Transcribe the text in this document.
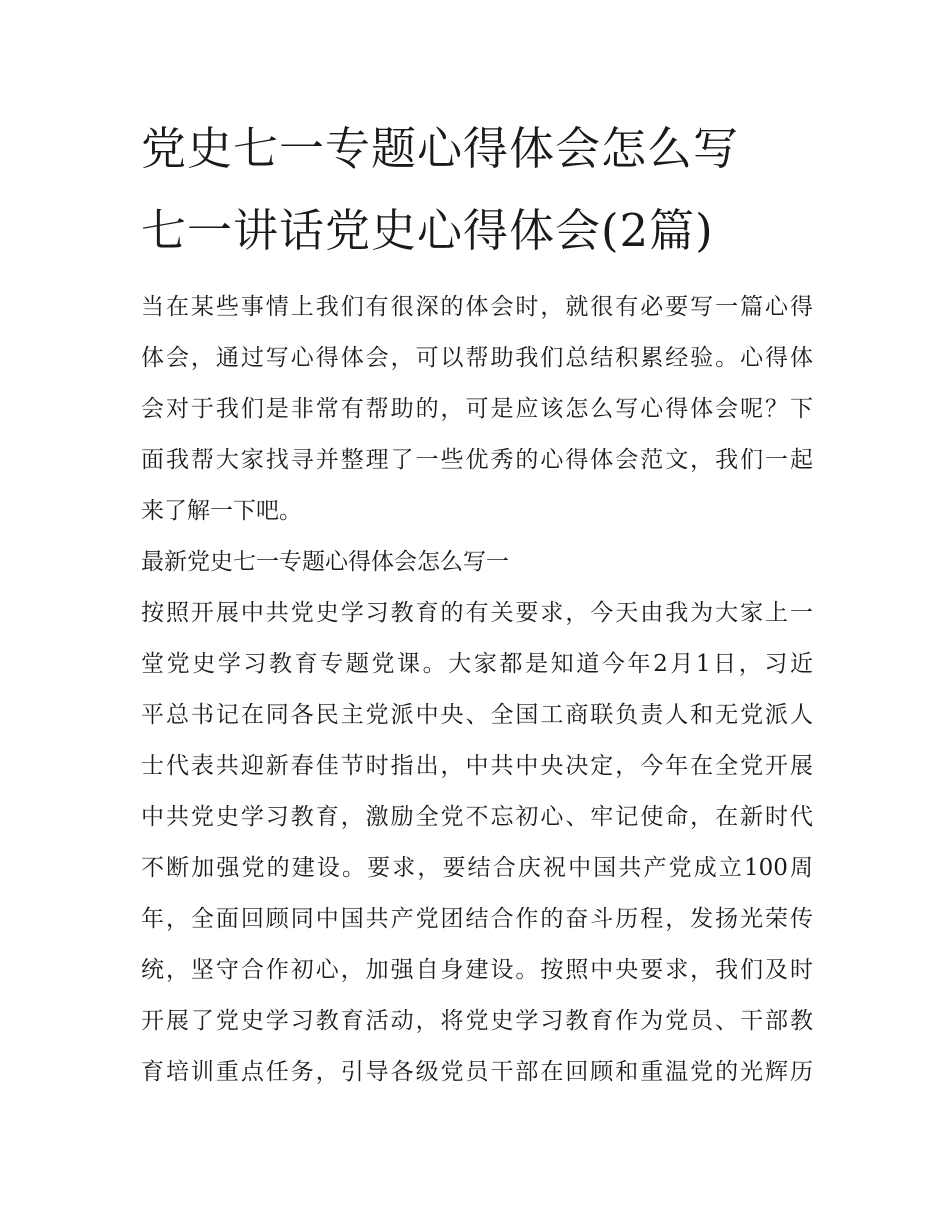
党史七一专题心得体会怎么写
七一讲话党史心得体会(2篇)

当在某些事情上我们有很深的体会时，就很有必要写一篇心得
体会，通过写心得体会，可以帮助我们总结积累经验。心得体
会对于我们是非常有帮助的，可是应该怎么写心得体会呢？下
面我帮大家找寻并整理了一些优秀的心得体会范文，我们一起
来了解一下吧。

最新党史七一专题心得体会怎么写一

按照开展中共党史学习教育的有关要求，今天由我为大家上一
堂党史学习教育专题党课。大家都是知道今年2月1日，习近
平总书记在同各民主党派中央、全国工商联负责人和无党派人
士代表共迎新春佳节时指出，中共中央决定，今年在全党开展
中共党史学习教育，激励全党不忘初心、牢记使命，在新时代
不断加强党的建设。要求，要结合庆祝中国共产党成立100周
年，全面回顾同中国共产党团结合作的奋斗历程，发扬光荣传
统，坚守合作初心，加强自身建设。按照中央要求，我们及时
开展了党史学习教育活动，将党史学习教育作为党员、干部教
育培训重点任务，引导各级党员干部在回顾和重温党的光辉历
